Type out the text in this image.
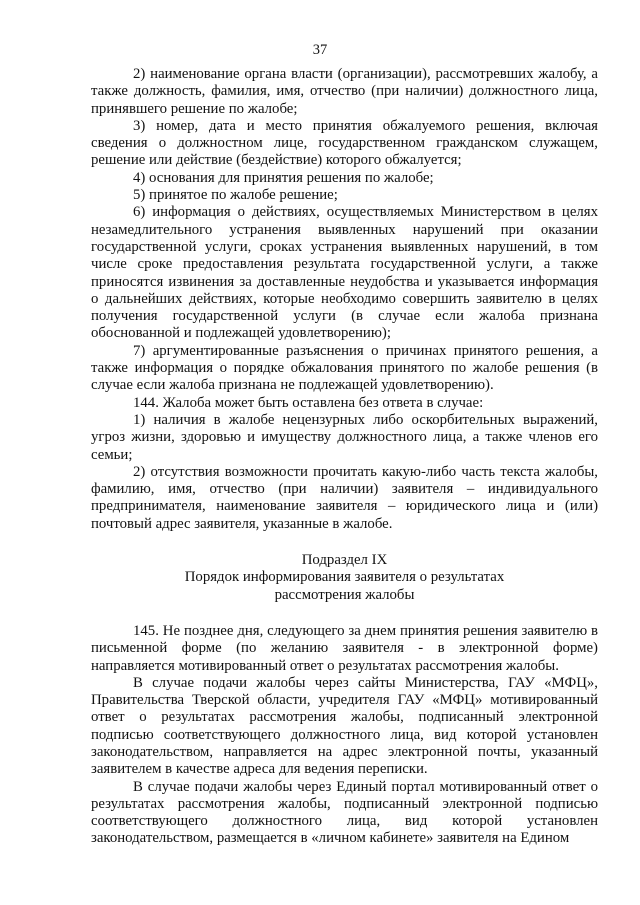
37

2) наименование органа власти (организации), рассмотревших жалобу, а также должность, фамилия, имя, отчество (при наличии) должностного лица, принявшего решение по жалобе;

3) номер, дата и место принятия обжалуемого решения, включая сведения о должностном лице, государственном гражданском служащем, решение или действие (бездействие) которого обжалуется;

4) основания для принятия решения по жалобе;

5) принятое по жалобе решение;

6) информация о действиях, осуществляемых Министерством в целях незамедлительного устранения выявленных нарушений при оказании государственной услуги, сроках устранения выявленных нарушений, в том числе сроке предоставления результата государственной услуги, а также приносятся извинения за доставленные неудобства и указывается информация о дальнейших действиях, которые необходимо совершить заявителю в целях получения государственной услуги (в случае если жалоба признана обоснованной и подлежащей удовлетворению);

7) аргументированные разъяснения о причинах принятого решения, а также информация о порядке обжалования принятого по жалобе решения (в случае если жалоба признана не подлежащей удовлетворению).

144. Жалоба может быть оставлена без ответа в случае:

1) наличия в жалобе нецензурных либо оскорбительных выражений, угроз жизни, здоровью и имуществу должностного лица, а также членов его семьи;

2) отсутствия возможности прочитать какую-либо часть текста жалобы, фамилию, имя, отчество (при наличии) заявителя – индивидуального предпринимателя, наименование заявителя – юридического лица и (или) почтовый адрес заявителя, указанные в жалобе.

Подраздел IX
Порядок информирования заявителя о результатах
рассмотрения жалобы

145. Не позднее дня, следующего за днем принятия решения заявителю в письменной форме (по желанию заявителя - в электронной форме) направляется мотивированный ответ о результатах рассмотрения жалобы.

В случае подачи жалобы через сайты Министерства, ГАУ «МФЦ», Правительства Тверской области, учредителя ГАУ «МФЦ» мотивированный ответ о результатах рассмотрения жалобы, подписанный электронной подписью соответствующего должностного лица, вид которой установлен законодательством, направляется на адрес электронной почты, указанный заявителем в качестве адреса для ведения переписки.

В случае подачи жалобы через Единый портал мотивированный ответ о результатах рассмотрения жалобы, подписанный электронной подписью соответствующего должностного лица, вид которой установлен законодательством, размещается в «личном кабинете» заявителя на Едином
